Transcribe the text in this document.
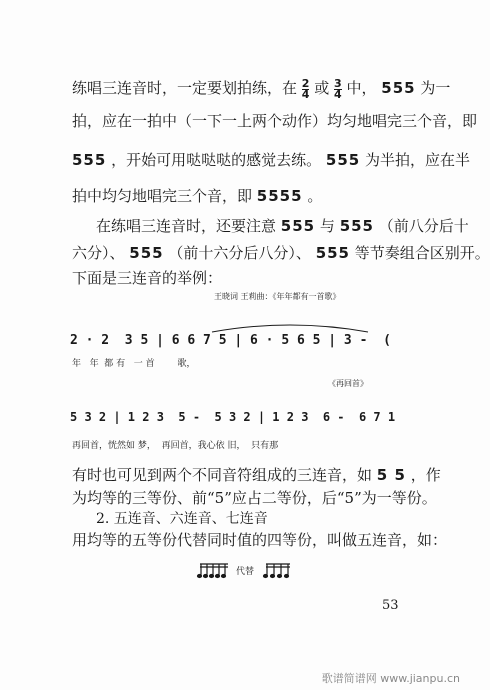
练唱三连音时，一定要划拍练，在 $\frac{2}{4}$ 或 $\frac{3}{4}$ 中， 555 为一
拍，应在一拍中（一下一上两个动作）均匀地唱完三个音，即
555 ，开始可用哒哒哒的感觉去练。 555 为半拍，应在半
拍中均匀地唱完三个音，即 5555 。
在练唱三连音时，还要注意 555 与 555 （前八分后十
六分）、 555 （前十六分后八分）、 555 等节奏组合区别开。
下面是三连音的举例：
王晓词 王莉曲：《年年都有一首歌》
2 · 2  3 5 | 6 6 7 5 | 6 · 5 6 5 | 3 -  (
年   年  都 有   一 首        歌，
《再回首》
5 3 2 | 1 2 3  5 -  5 3 2 | 1 2 3  6 -  6 7 1
再回首，恍然如 梦，  再回首，我心依 旧，  只有那
有时也可见到两个不同音符组成的三连音，如 5 5 ，作
为均等的三等份、前“5”应占二等份，后“5”为一等份。
2. 五连音、六连音、七连音
用均等的五等份代替同时值的四等份，叫做五连音，如：
代替
53
歌谱简谱网 www.jianpu.cn
